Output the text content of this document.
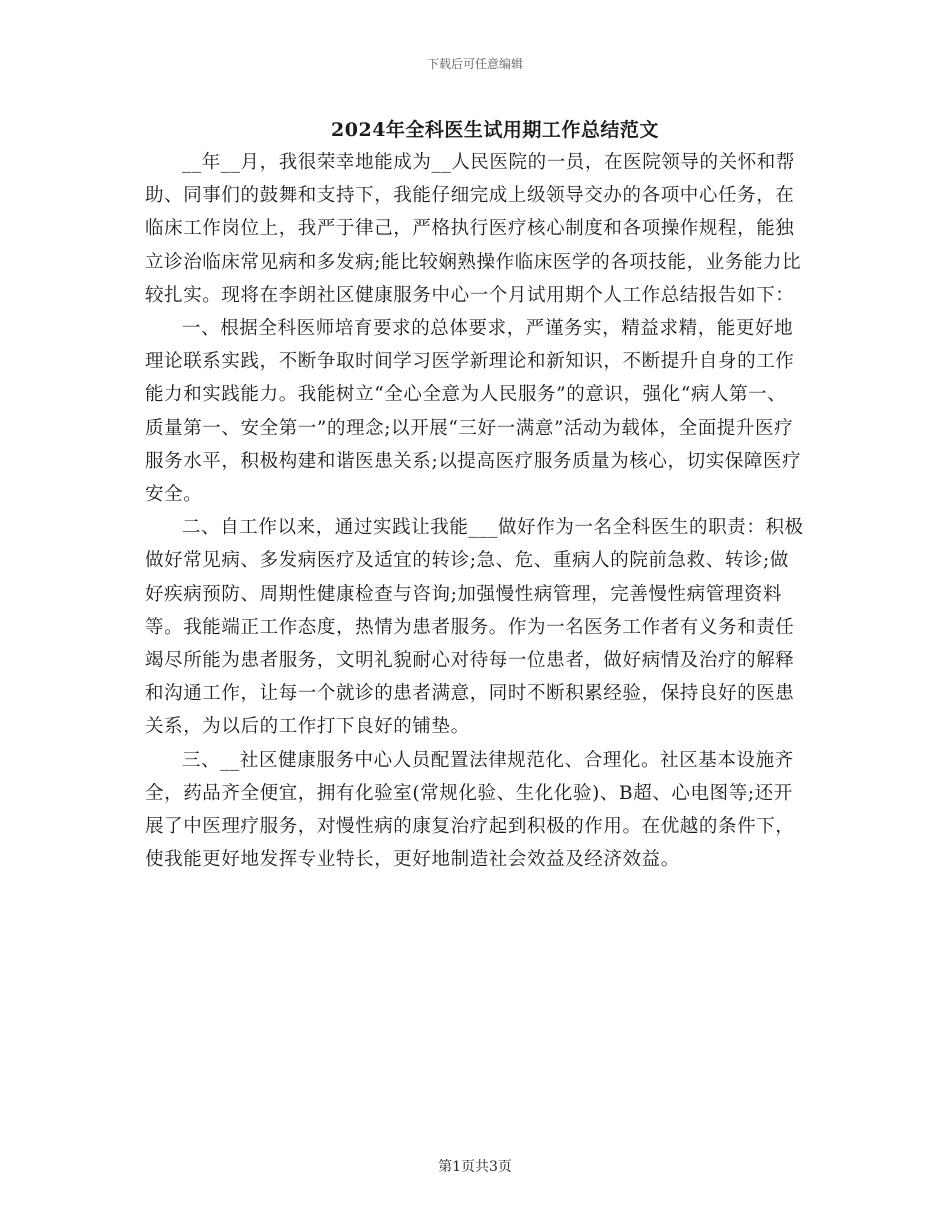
下载后可任意编辑
2024年全科医生试用期工作总结范文

__年__月，我很荣幸地能成为__人民医院的一员，在医院领导的关怀和帮助、同事们的鼓舞和支持下，我能仔细完成上级领导交办的各项中心任务，在临床工作岗位上，我严于律己，严格执行医疗核心制度和各项操作规程，能独立诊治临床常见病和多发病;能比较娴熟操作临床医学的各项技能，业务能力比较扎实。现将在李朗社区健康服务中心一个月试用期个人工作总结报告如下：

一、根据全科医师培育要求的总体要求，严谨务实，精益求精，能更好地理论联系实践，不断争取时间学习医学新理论和新知识，不断提升自身的工作能力和实践能力。我能树立“全心全意为人民服务”的意识，强化“病人第一、质量第一、安全第一”的理念;以开展“三好一满意”活动为载体，全面提升医疗服务水平，积极构建和谐医患关系;以提高医疗服务质量为核心，切实保障医疗安全。

二、自工作以来，通过实践让我能___做好作为一名全科医生的职责：积极做好常见病、多发病医疗及适宜的转诊;急、危、重病人的院前急救、转诊;做好疾病预防、周期性健康检查与咨询;加强慢性病管理，完善慢性病管理资料等。我能端正工作态度，热情为患者服务。作为一名医务工作者有义务和责任竭尽所能为患者服务，文明礼貌耐心对待每一位患者，做好病情及治疗的解释和沟通工作，让每一个就诊的患者满意，同时不断积累经验，保持良好的医患关系，为以后的工作打下良好的铺垫。

三、__社区健康服务中心人员配置法律规范化、合理化。社区基本设施齐全，药品齐全便宜，拥有化验室(常规化验、生化化验)、B超、心电图等;还开展了中医理疗服务，对慢性病的康复治疗起到积极的作用。在优越的条件下，使我能更好地发挥专业特长，更好地制造社会效益及经济效益。

第1页共3页
